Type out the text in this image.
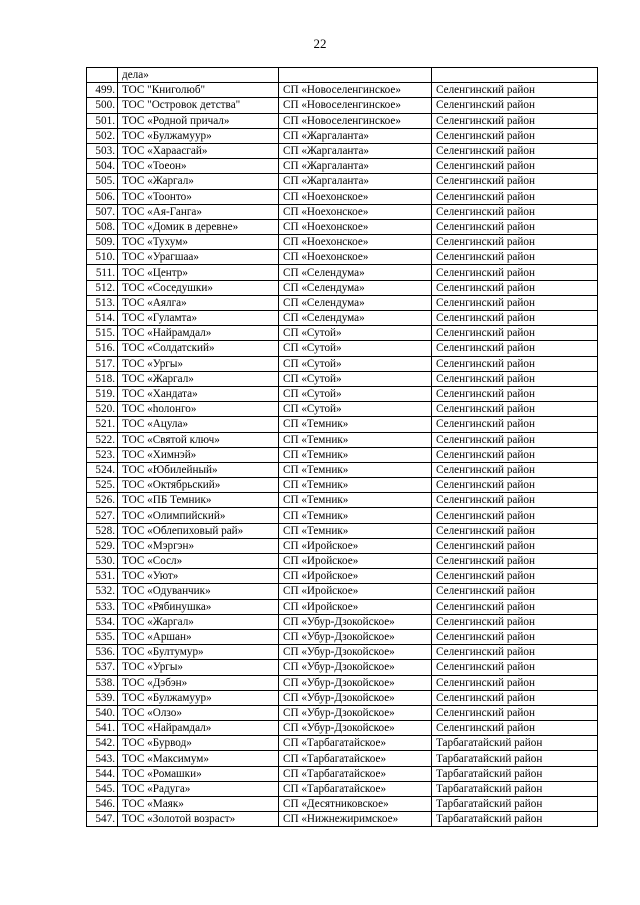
22
	дела»		
499.	ТОС "Книголюб"	СП «Новоселенгинское»	Селенгинский район
500.	ТОС "Островок детства"	СП «Новоселенгинское»	Селенгинский район
501.	ТОС «Родной причал»	СП «Новоселенгинское»	Селенгинский район
502.	ТОС «Булжамуур»	СП «Жаргаланта»	Селенгинский район
503.	ТОС «Хараасгай»	СП «Жаргаланта»	Селенгинский район
504.	ТОС «Тоеон»	СП «Жаргаланта»	Селенгинский район
505.	ТОС «Жаргал»	СП «Жаргаланта»	Селенгинский район
506.	ТОС «Тоонто»	СП «Ноехонское»	Селенгинский район
507.	ТОС «Ая-Ганга»	СП «Ноехонское»	Селенгинский район
508.	ТОС «Домик в деревне»	СП «Ноехонское»	Селенгинский район
509.	ТОС «Тухум»	СП «Ноехонское»	Селенгинский район
510.	ТОС «Урагшаа»	СП «Ноехонское»	Селенгинский район
511.	ТОС «Центр»	СП «Селендума»	Селенгинский район
512.	ТОС «Соседушки»	СП «Селендума»	Селенгинский район
513.	ТОС «Аялга»	СП «Селендума»	Селенгинский район
514.	ТОС «Гуламта»	СП «Селендума»	Селенгинский район
515.	ТОС «Найрамдал»	СП «Сутой»	Селенгинский район
516.	ТОС «Солдатский»	СП «Сутой»	Селенгинский район
517.	ТОС «Ургы»	СП «Сутой»	Селенгинский район
518.	ТОС «Жаргал»	СП «Сутой»	Селенгинский район
519.	ТОС «Хандата»	СП «Сутой»	Селенгинский район
520.	ТОС «hолонго»	СП «Сутой»	Селенгинский район
521.	ТОС «Ацула»	СП «Темник»	Селенгинский район
522.	ТОС «Святой ключ»	СП «Темник»	Селенгинский район
523.	ТОС «Химнэй»	СП «Темник»	Селенгинский район
524.	ТОС «Юбилейный»	СП «Темник»	Селенгинский район
525.	ТОС «Октябрьский»	СП «Темник»	Селенгинский район
526.	ТОС «ПБ Темник»	СП «Темник»	Селенгинский район
527.	ТОС «Олимпийский»	СП «Темник»	Селенгинский район
528.	ТОС «Облепиховый рай»	СП «Темник»	Селенгинский район
529.	ТОС «Мэргэн»	СП «Иройское»	Селенгинский район
530.	ТОС «Сосл»	СП «Иройское»	Селенгинский район
531.	ТОС «Уют»	СП «Иройское»	Селенгинский район
532.	ТОС «Одуванчик»	СП «Иройское»	Селенгинский район
533.	ТОС «Рябинушка»	СП «Иройское»	Селенгинский район
534.	ТОС «Жаргал»	СП «Убур-Дзокойское»	Селенгинский район
535.	ТОС «Аршан»	СП «Убур-Дзокойское»	Селенгинский район
536.	ТОС «Бултумур»	СП «Убур-Дзокойское»	Селенгинский район
537.	ТОС «Ургы»	СП «Убур-Дзокойское»	Селенгинский район
538.	ТОС «Дэбэн»	СП «Убур-Дзокойское»	Селенгинский район
539.	ТОС «Булжамуур»	СП «Убур-Дзокойское»	Селенгинский район
540.	ТОС «Олзо»	СП «Убур-Дзокойское»	Селенгинский район
541.	ТОС «Найрамдал»	СП «Убур-Дзокойское»	Селенгинский район
542.	ТОС «Бурвод»	СП «Тарбагатайское»	Тарбагатайский район
543.	ТОС «Максимум»	СП «Тарбагатайское»	Тарбагатайский район
544.	ТОС «Ромашки»	СП «Тарбагатайское»	Тарбагатайский район
545.	ТОС «Радуга»	СП «Тарбагатайское»	Тарбагатайский район
546.	ТОС «Маяк»	СП «Десятниковское»	Тарбагатайский район
547.	ТОС «Золотой возраст»	СП «Нижнежиримское»	Тарбагатайский район
